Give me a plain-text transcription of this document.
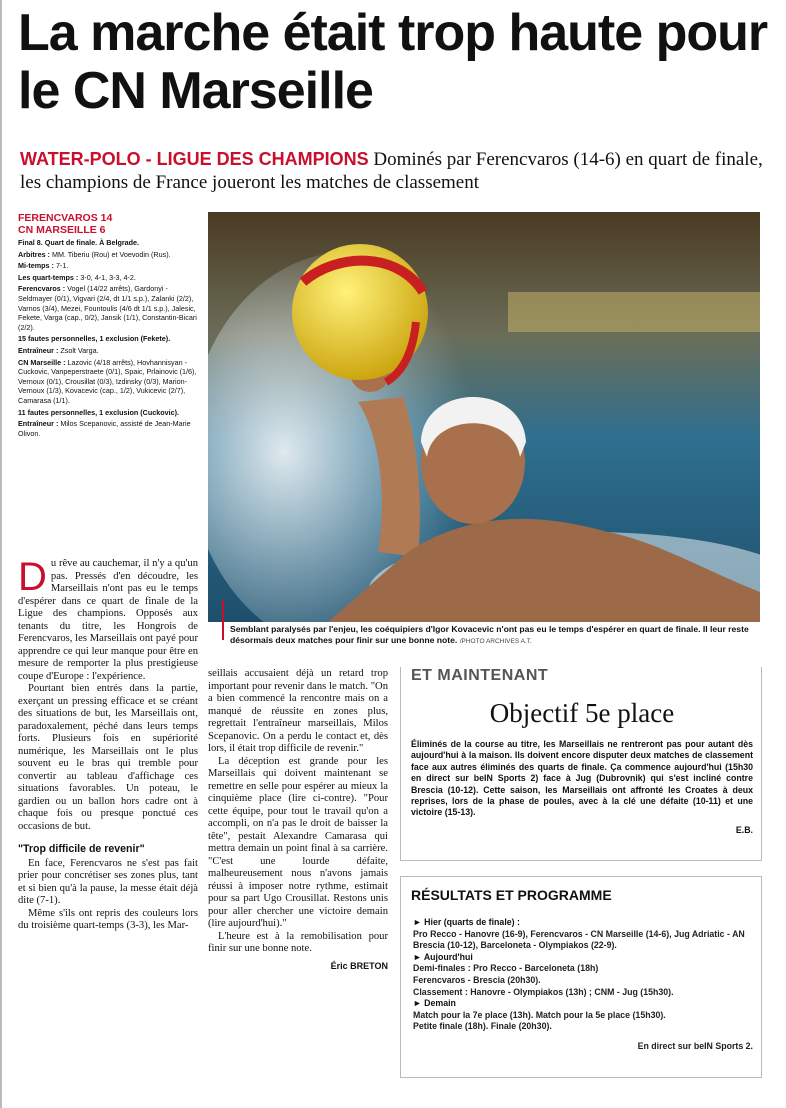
La marche était trop haute pour le CN Marseille
WATER-POLO - LIGUE DES CHAMPIONS Dominés par Ferencvaros (14-6) en quart de finale, les champions de France joueront les matches de classement
FERENCVAROS 14
CN MARSEILLE 6

Final 8. Quart de finale. À Belgrade.

Arbitres : MM. Tiberiu (Rou) et Voevodin (Rus).

Mi-temps : 7-1.

Les quart-temps : 3-0, 4-1, 3-3, 4-2.

Ferencvaros : Vogel (14/22 arrêts), Gardonyi - Seldmayer (0/1), Vigvari (2/4, dt 1/1 s.p.), Zalanki (2/2), Varnos (3/4), Mezei, Fountoulis (4/6 dt 1/1 s.p.), Jalesic, Fekete, Varga (cap., 0/2), Jansik (1/1), Constantin-Bicari (2/2).

15 fautes personnelles, 1 exclusion (Fekete).

Entraîneur : Zsolt Varga.

CN Marseille : Lazovic (4/18 arrêts), Hovhannisyan - Cuckovic, Vanpeperstraete (0/1), Spaic, Prlainovic (1/6), Vernoux (0/1), Crousillat (0/3), Izdinsky (0/3), Marion-Vernoux (1/3), Kovacevic (cap., 1/2), Vukicevic (2/7), Camarasa (1/1).

11 fautes personnelles, 1 exclusion (Cuckovic).

Entraîneur : Milos Scepanovic, assisté de Jean-Marie Olivon.

Semblant paralysés par l'enjeu, les coéquipiers d'Igor Kovacevic n'ont pas eu le temps d'espérer en quart de finale. Il leur reste désormais deux matches pour finir sur une bonne note. /PHOTO ARCHIVES A.T.

Du rêve au cauchemar, il n'y a qu'un pas. Pressés d'en découdre, les Marseillais n'ont pas eu le temps d'espérer dans ce quart de finale de la Ligue des champions. Opposés aux tenants du titre, les Hongrois de Ferencvaros, les Marseillais ont payé pour apprendre ce qui leur manque pour être en mesure de remporter la plus prestigieuse coupe d'Europe : l'expérience.

Pourtant bien entrés dans la partie, exerçant un pressing efficace et se créant des situations de but, les Marseillais ont, paradoxalement, péché dans leurs temps forts. Plusieurs fois en supériorité numérique, les Marseillais ont le plus souvent eu le bras qui tremble pour convertir au tableau d'affichage ces situations favorables. Un poteau, le gardien ou un ballon hors cadre ont à chaque fois ou presque ponctué ces occasions de but.

"Trop difficile de revenir"

En face, Ferencvaros ne s'est pas fait prier pour concrétiser ses zones plus, tant et si bien qu'à la pause, la messe était déjà dite (7-1).

Même s'ils ont repris des couleurs lors du troisième quart-temps (3-3), les Mar-

seillais accusaient déjà un retard trop important pour revenir dans le match. "On a bien commencé la rencontre mais on a manqué de réussite en zones plus, regrettait l'entraîneur marseillais, Milos Scepanovic. On a perdu le contact et, dès lors, il était trop difficile de revenir."

La déception est grande pour les Marseillais qui doivent maintenant se remettre en selle pour espérer au mieux la cinquième place (lire ci-contre). "Pour cette équipe, pour tout le travail qu'on a accompli, on n'a pas le droit de baisser la tête", pestait Alexandre Camarasa qui mettra demain un point final à sa carrière. "C'est une lourde défaite, malheureusement nous n'avons jamais réussi à imposer notre rythme, estimait pour sa part Ugo Crousillat. Restons unis pour aller chercher une victoire demain (lire aujourd'hui)."

L'heure est à la remobilisation pour finir sur une bonne note.

Éric BRETON
ET MAINTENANT
Objectif 5e place
Éliminés de la course au titre, les Marseillais ne rentreront pas pour autant dès aujourd'hui à la maison. Ils doivent encore disputer deux matches de classement face aux autres éliminés des quarts de finale. Ça commence aujourd'hui (15h30 en direct sur beIN Sports 2) face à Jug (Dubrovnik) qui s'est incliné contre Brescia (10-12). Cette saison, les Marseillais ont affronté les Croates à deux reprises, lors de la phase de poules, avec à la clé une défaite (10-11) et une victoire (15-13).
E.B.
RÉSULTATS ET PROGRAMME
► Hier (quarts de finale) :
Pro Recco - Hanovre (16-9), Ferencvaros - CN Marseille (14-6), Jug Adriatic - AN Brescia (10-12), Barceloneta - Olympiakos (22-9).
► Aujourd'hui
Demi-finales : Pro Recco - Barceloneta (18h)
Ferencvaros - Brescia (20h30).
Classement : Hanovre - Olympiakos (13h) ; CNM - Jug (15h30).
► Demain
Match pour la 7e place (13h). Match pour la 5e place (15h30).
Petite finale (18h). Finale (20h30).
En direct sur beIN Sports 2.
